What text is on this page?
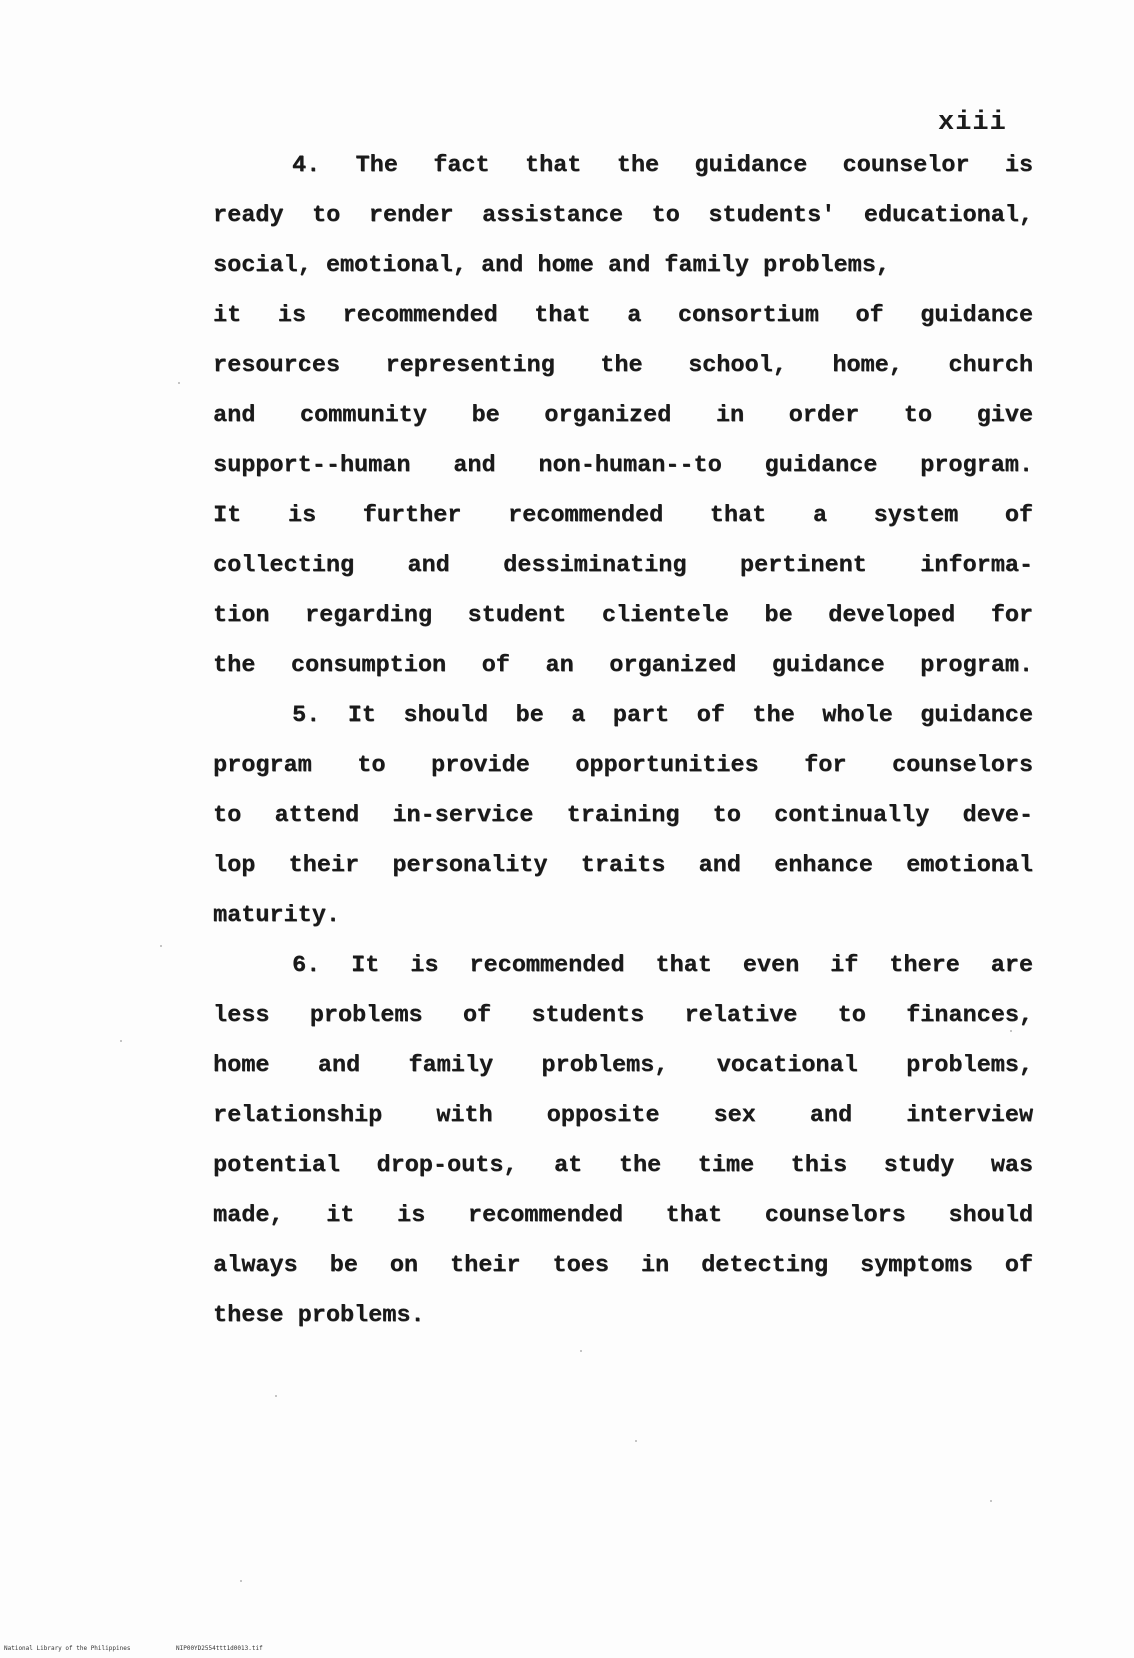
xiii
4. The fact that the guidance counselor is
ready to render assistance to students' educational,
social, emotional, and home and family problems,
it is recommended that a consortium of guidance
resources representing the school, home, church
and community be organized in order to give
support--human and non-human--to guidance program.
It is further recommended that a system of
collecting and dessiminating pertinent informa-
tion regarding student clientele be developed for
the consumption of an organized guidance program.
5. It should be a part of the whole guidance
program to provide opportunities for counselors
to attend in-service training to continually deve-
lop their personality traits and enhance emotional
maturity.
6. It is recommended that even if there are
less problems of students relative to finances,
home and family problems, vocational problems,
relationship with opposite sex and interview
potential drop-outs, at the time this study was
made, it is recommended that counselors should
always be on their toes in detecting symptoms of
these problems.
National Library of the Philippines	NIP00YD2554ttt1d0013.tif
